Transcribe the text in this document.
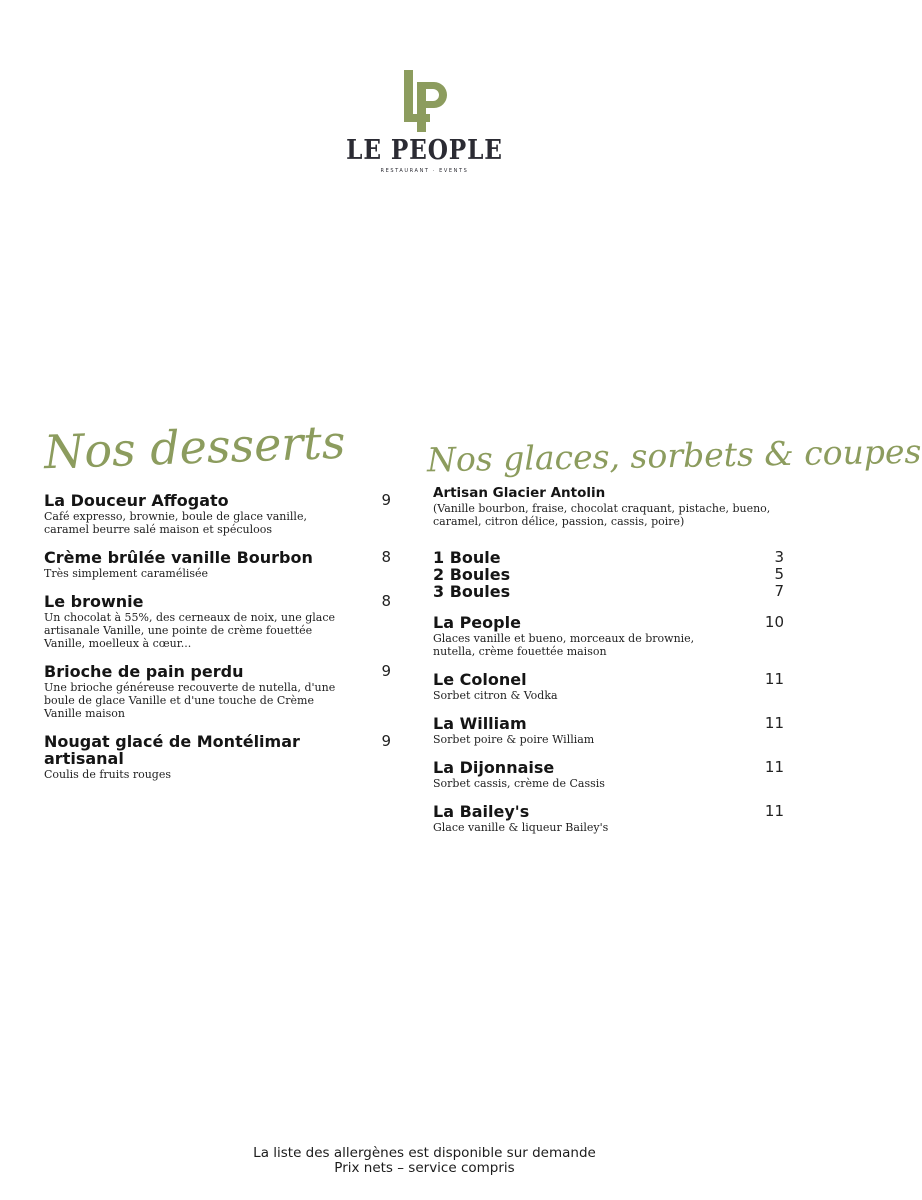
LE PEOPLE
RESTAURANT · EVENTS
Nos desserts Nos glaces, sorbets & coupes
La Douceur Affogato	9
Café expresso, brownie, boule de glace vanille, caramel beurre salé maison et spéculoos
Crème brûlée vanille Bourbon	8
Très simplement caramélisée
Le brownie	8
Un chocolat à 55%, des cerneaux de noix, une glace artisanale Vanille, une pointe de crème fouettée Vanille, moelleux à cœur...
Brioche de pain perdu	9
Une brioche généreuse recouverte de nutella, d'une boule de glace Vanille et d'une touche de Crème Vanille maison
Nougat glacé de Montélimar artisanal
9
Coulis de fruits rouges
Artisan Glacier Antolin
(Vanille bourbon, fraise, chocolat craquant, pistache, bueno, caramel, citron délice, passion, cassis, poire)
1 Boule	3
2 Boules	5
3 Boules	7
La People	10
Glaces vanille et bueno, morceaux de brownie, nutella, crème fouettée maison
Le Colonel	11
Sorbet citron & Vodka
La William	11
Sorbet poire & poire William
La Dijonnaise	11
Sorbet cassis, crème de Cassis
La Bailey's	11
Glace vanille & liqueur Bailey's
La liste des allergènes est disponible sur demande
Prix nets – service compris
